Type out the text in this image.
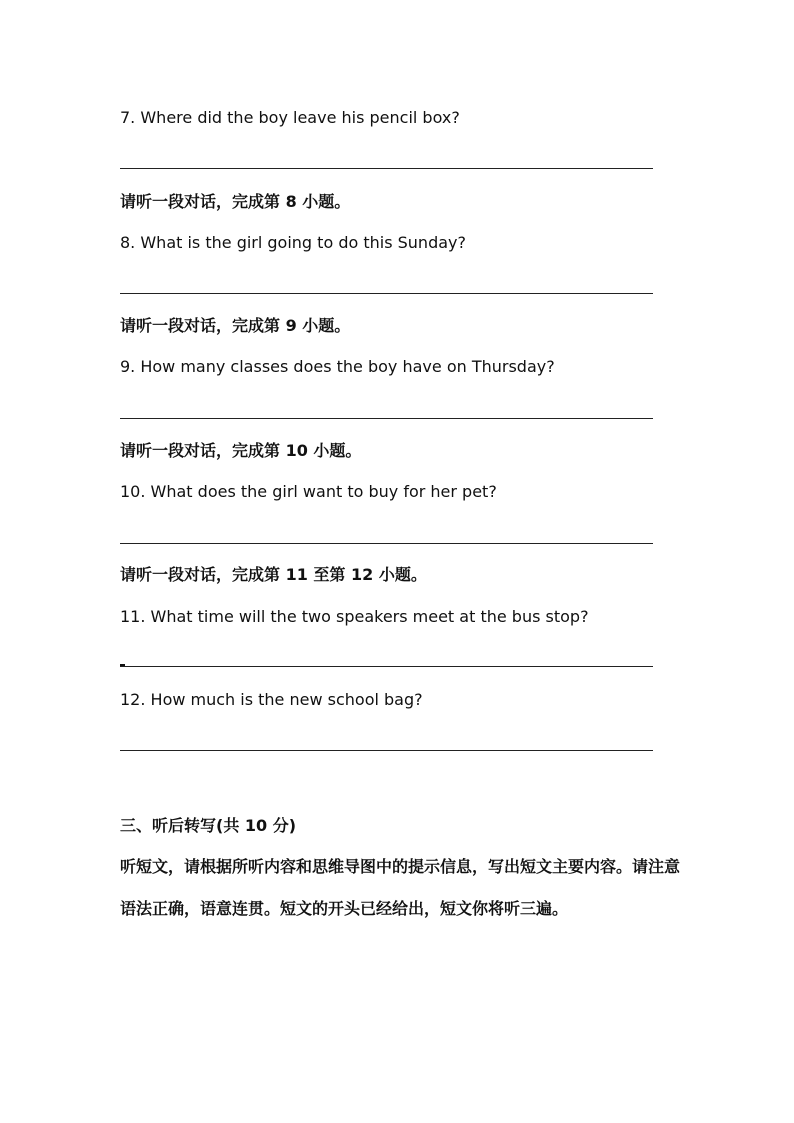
7. Where did the boy leave his pencil box?

请听一段对话，完成第 8 小题。

8. What is the girl going to do this Sunday?

请听一段对话，完成第 9 小题。

9. How many classes does the boy have on Thursday?

请听一段对话，完成第 10 小题。

10. What does the girl want to buy for her pet?

请听一段对话，完成第 11 至第 12 小题。

11. What time will the two speakers meet at the bus stop?

12. How much is the new school bag?

三、听后转写(共 10 分)

听短文，请根据所听内容和思维导图中的提示信息，写出短文主要内容。请注意

语法正确，语意连贯。短文的开头已经给出，短文你将听三遍。
